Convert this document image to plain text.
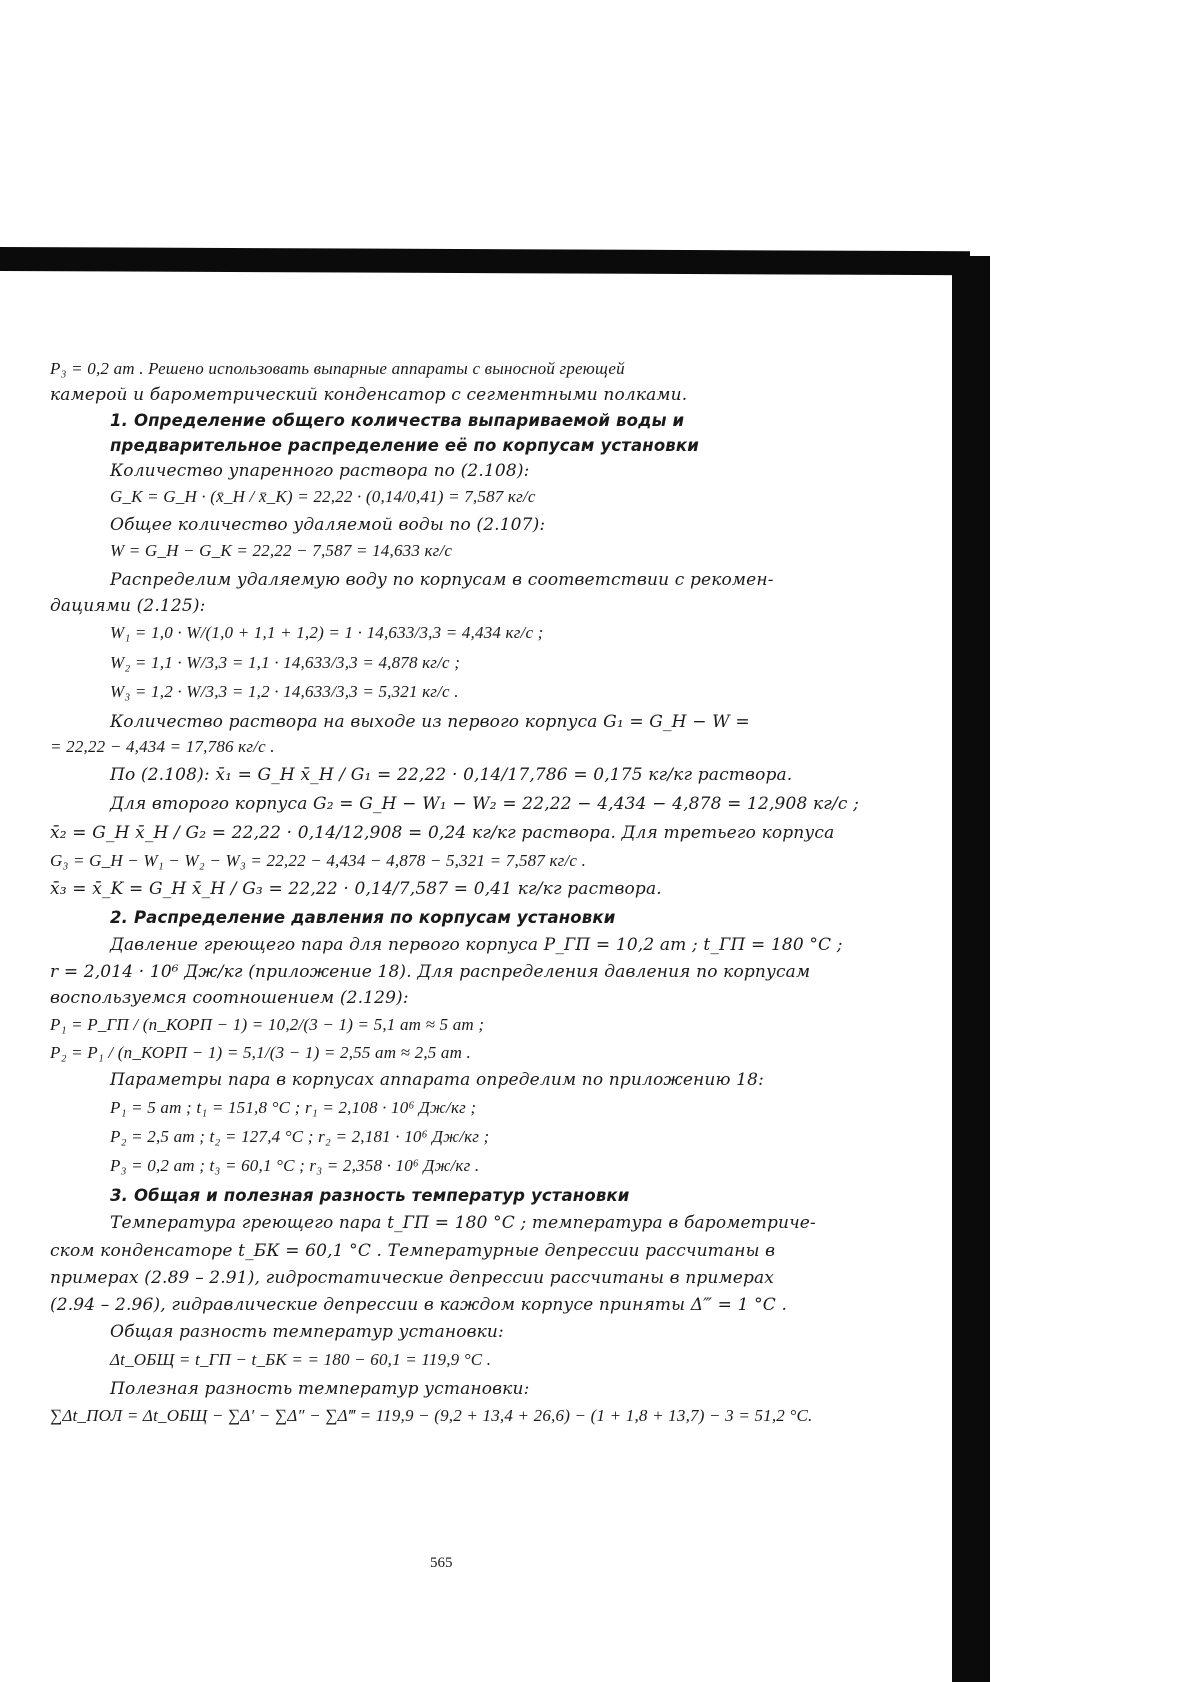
P₃ = 0,2 am . Решено использовать выпарные аппараты с выносной греющей
камерой и барометрический конденсатор с сегментными полками.
1. Определение общего количества выпариваемой воды и
предварительное распределение её по корпусам установки
Количество упаренного раствора по (2.108):
G_K = G_H · (x̄_H / x̄_K) = 22,22 · (0,14/0,41) = 7,587 кг/с
Общее количество удаляемой воды по (2.107):
W = G_H − G_K = 22,22 − 7,587 = 14,633 кг/с
Распределим удаляемую воду по корпусам в соответствии с рекомен-
дациями (2.125):
W₁ = 1,0 · W/(1,0 + 1,1 + 1,2) = 1 · 14,633/3,3 = 4,434 кг/с ;
W₂ = 1,1 · W/3,3 = 1,1 · 14,633/3,3 = 4,878 кг/с ;
W₃ = 1,2 · W/3,3 = 1,2 · 14,633/3,3 = 5,321 кг/с .
Количество раствора на выходе из первого корпуса G₁ = G_H − W =
= 22,22 − 4,434 = 17,786 кг/с .
По (2.108): x̄₁ = G_H x̄_H / G₁ = 22,22 · 0,14/17,786 = 0,175 кг/кг раствора.
Для второго корпуса G₂ = G_H − W₁ − W₂ = 22,22 − 4,434 − 4,878 = 12,908 кг/с ;
x̄₂ = G_H x̄_H / G₂ = 22,22 · 0,14/12,908 = 0,24 кг/кг раствора. Для третьего корпуса
G₃ = G_H − W₁ − W₂ − W₃ = 22,22 − 4,434 − 4,878 − 5,321 = 7,587 кг/с .
x̄₃ = x̄_K = G_H x̄_H / G₃ = 22,22 · 0,14/7,587 = 0,41 кг/кг раствора.
2. Распределение давления по корпусам установки
Давление греющего пара для первого корпуса P_ГП = 10,2 am ; t_ГП = 180 °C ;
r = 2,014 · 10⁶ Дж/кг (приложение 18). Для распределения давления по корпусам
воспользуемся соотношением (2.129):
P₁ = P_ГП / (n_КОРП − 1) = 10,2/(3 − 1) = 5,1 am ≈ 5 am ;
P₂ = P₁ / (n_КОРП − 1) = 5,1/(3 − 1) = 2,55 am ≈ 2,5 am .
Параметры пара в корпусах аппарата определим по приложению 18:
P₁ = 5 am ; t₁ = 151,8 °C ; r₁ = 2,108 · 10⁶ Дж/кг ;
P₂ = 2,5 am ; t₂ = 127,4 °C ; r₂ = 2,181 · 10⁶ Дж/кг ;
P₃ = 0,2 am ; t₃ = 60,1 °C ; r₃ = 2,358 · 10⁶ Дж/кг .
3. Общая и полезная разность температур установки
Температура греющего пара t_ГП = 180 °C ; температура в барометриче-
ском конденсаторе t_БК = 60,1 °C . Температурные депрессии рассчитаны в
примерах (2.89 – 2.91), гидростатические депрессии рассчитаны в примерах
(2.94 – 2.96), гидравлические депрессии в каждом корпусе приняты Δ‴ = 1 °C .
Общая разность температур установки:
Δt_ОБЩ = t_ГП − t_БК = = 180 − 60,1 = 119,9 °C .
Полезная разность температур установки:
∑Δt_ПОЛ = Δt_ОБЩ − ∑Δ′ − ∑Δ″ − ∑Δ‴ = 119,9 − (9,2 + 13,4 + 26,6) − (1 + 1,8 + 13,7) − 3 = 51,2 °C.
565
